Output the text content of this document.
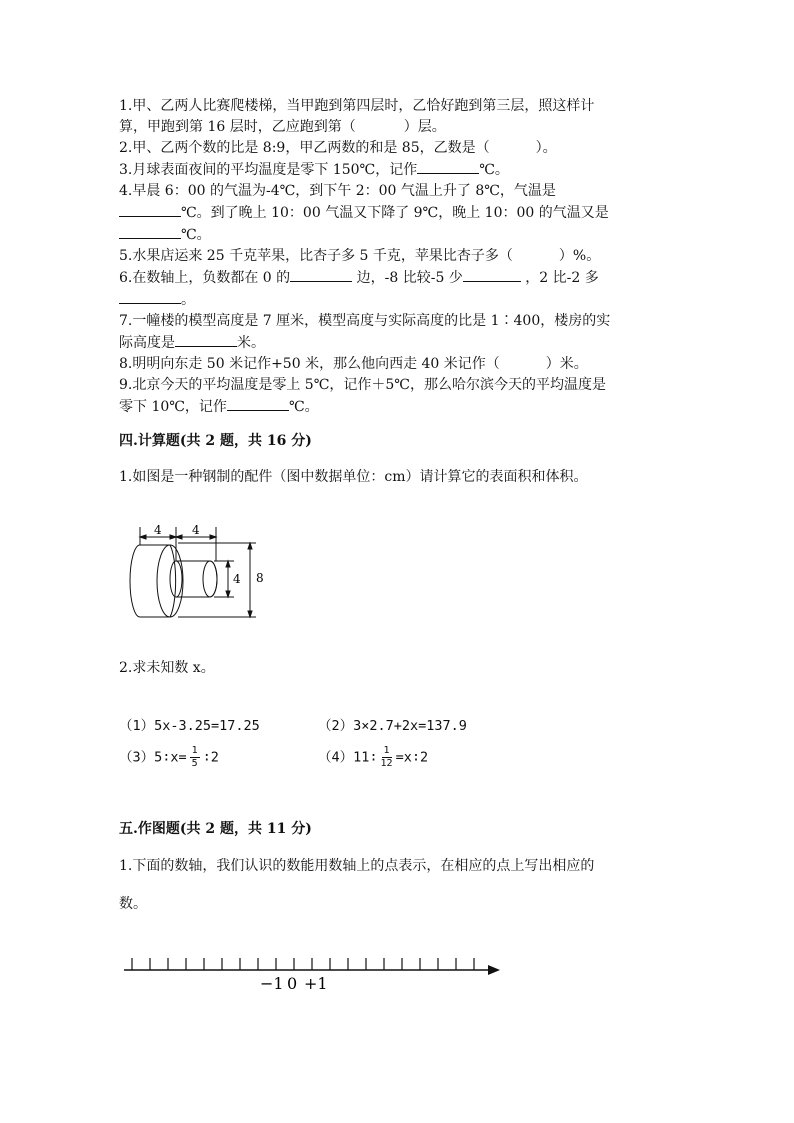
1.甲、乙两人比赛爬楼梯，当甲跑到第四层时，乙恰好跑到第三层，照这样计

算，甲跑到第 16 层时，乙应跑到第（	）层。

2.甲、乙两个数的比是 8:9，甲乙两数的和是 85，乙数是（	）。

3.月球表面夜间的平均温度是零下 150℃，记作	℃。

4.早晨 6：00 的气温为-4℃，到下午 2：00 气温上升了 8℃，气温是

℃。到了晚上 10：00 气温又下降了 9℃，晚上 10：00 的气温又是

℃。

5.水果店运来 25 千克苹果，比杏子多 5 千克，苹果比杏子多（	）%。

6.在数轴上，负数都在 0 的	边，-8 比较-5 少	，2 比-2 多

。

7.一幢楼的模型高度是 7 厘米，模型高度与实际高度的比是 1∶400，楼房的实

际高度是	米。

8.明明向东走 50 米记作+50 米，那么他向西走 40 米记作（	）米。

9.北京今天的平均温度是零上 5℃，记作＋5℃，那么哈尔滨今天的平均温度是

零下 10℃，记作	℃。

四.计算题(共 2 题，共 16 分)
1.如图是一种钢制的配件（图中数据单位：cm）请计算它的表面积和体积。
4	4
4 8
2.求未知数 x。
（1）5x-3.25=17.25	（2）3×2.7+2x=137.9
（3）5∶x= $\frac{1}{5}$ ∶2	（4）11∶ $\frac{1}{12}$ =x∶2
五.作图题(共 2 题，共 11 分)
1.下面的数轴，我们认识的数能用数轴上的点表示，在相应的点上写出相应的
数。
−1 0 +1
